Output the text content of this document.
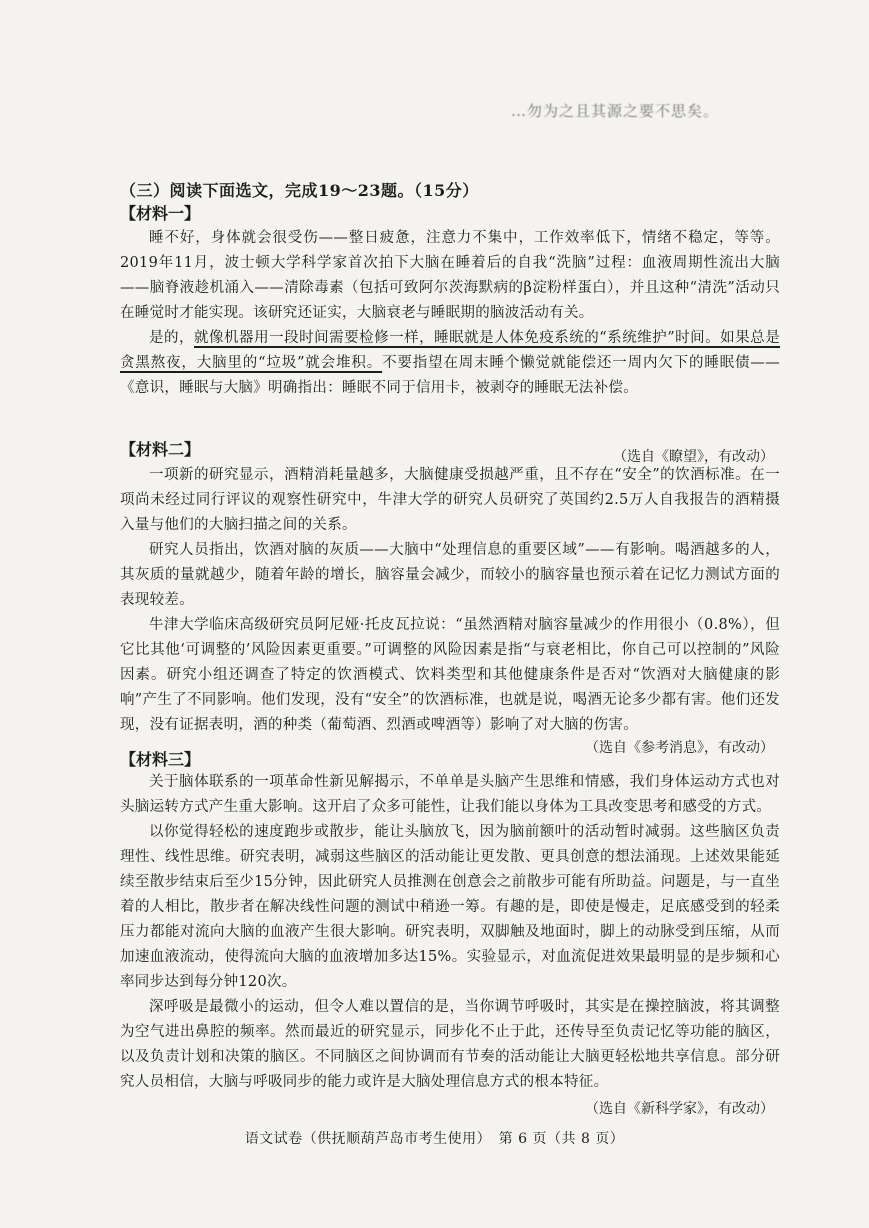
…勿为之且其源之要不思矣。
（三）阅读下面选文，完成19～23题。（15分）
【材料一】

睡不好，身体就会很受伤——整日疲惫，注意力不集中，工作效率低下，情绪不稳定，等等。2019年11月，波士顿大学科学家首次拍下大脑在睡着后的自我“洗脑”过程：血液周期性流出大脑——脑脊液趁机涌入——清除毒素（包括可致阿尔茨海默病的β淀粉样蛋白），并且这种“清洗”活动只在睡觉时才能实现。该研究还证实，大脑衰老与睡眠期的脑波活动有关。

是的，就像机器用一段时间需要检修一样，睡眠就是人体免疫系统的“系统维护”时间。如果总是贪黑熬夜，大脑里的“垃圾”就会堆积。不要指望在周末睡个懒觉就能偿还一周内欠下的睡眠债——《意识，睡眠与大脑》明确指出：睡眠不同于信用卡，被剥夺的睡眠无法补偿。

【材料二】	（选自《瞭望》，有改动）

一项新的研究显示，酒精消耗量越多，大脑健康受损越严重，且不存在“安全”的饮酒标准。在一项尚未经过同行评议的观察性研究中，牛津大学的研究人员研究了英国约2.5万人自我报告的酒精摄入量与他们的大脑扫描之间的关系。

研究人员指出，饮酒对脑的灰质——大脑中“处理信息的重要区域”——有影响。喝酒越多的人，其灰质的量就越少，随着年龄的增长，脑容量会减少，而较小的脑容量也预示着在记忆力测试方面的表现较差。

牛津大学临床高级研究员阿尼娅·托皮瓦拉说：“虽然酒精对脑容量减少的作用很小（0.8%），但它比其他‘可调整的’风险因素更重要。”可调整的风险因素是指“与衰老相比，你自己可以控制的”风险因素。研究小组还调查了特定的饮酒模式、饮料类型和其他健康条件是否对“饮酒对大脑健康的影响”产生了不同影响。他们发现，没有“安全”的饮酒标准，也就是说，喝酒无论多少都有害。他们还发现，没有证据表明，酒的种类（葡萄酒、烈酒或啤酒等）影响了对大脑的伤害。

【材料三】
（选自《参考消息》，有改动）

关于脑体联系的一项革命性新见解揭示，不单单是头脑产生思维和情感，我们身体运动方式也对头脑运转方式产生重大影响。这开启了众多可能性，让我们能以身体为工具改变思考和感受的方式。

以你觉得轻松的速度跑步或散步，能让头脑放飞，因为脑前额叶的活动暂时减弱。这些脑区负责理性、线性思维。研究表明，减弱这些脑区的活动能让更发散、更具创意的想法涌现。上述效果能延续至散步结束后至少15分钟，因此研究人员推测在创意会之前散步可能有所助益。问题是，与一直坐着的人相比，散步者在解决线性问题的测试中稍逊一筹。有趣的是，即使是慢走，足底感受到的轻柔压力都能对流向大脑的血液产生很大影响。研究表明，双脚触及地面时，脚上的动脉受到压缩，从而加速血液流动，使得流向大脑的血液增加多达15%。实验显示，对血流促进效果最明显的是步频和心率同步达到每分钟120次。

深呼吸是最微小的运动，但令人难以置信的是，当你调节呼吸时，其实是在操控脑波，将其调整为空气进出鼻腔的频率。然而最近的研究显示，同步化不止于此，还传导至负责记忆等功能的脑区，以及负责计划和决策的脑区。不同脑区之间协调而有节奏的活动能让大脑更轻松地共享信息。部分研究人员相信，大脑与呼吸同步的能力或许是大脑处理信息方式的根本特征。

（选自《新科学家》，有改动）
语文试卷（供抚顺葫芦岛市考生使用）　第 6 页（共 8 页）
